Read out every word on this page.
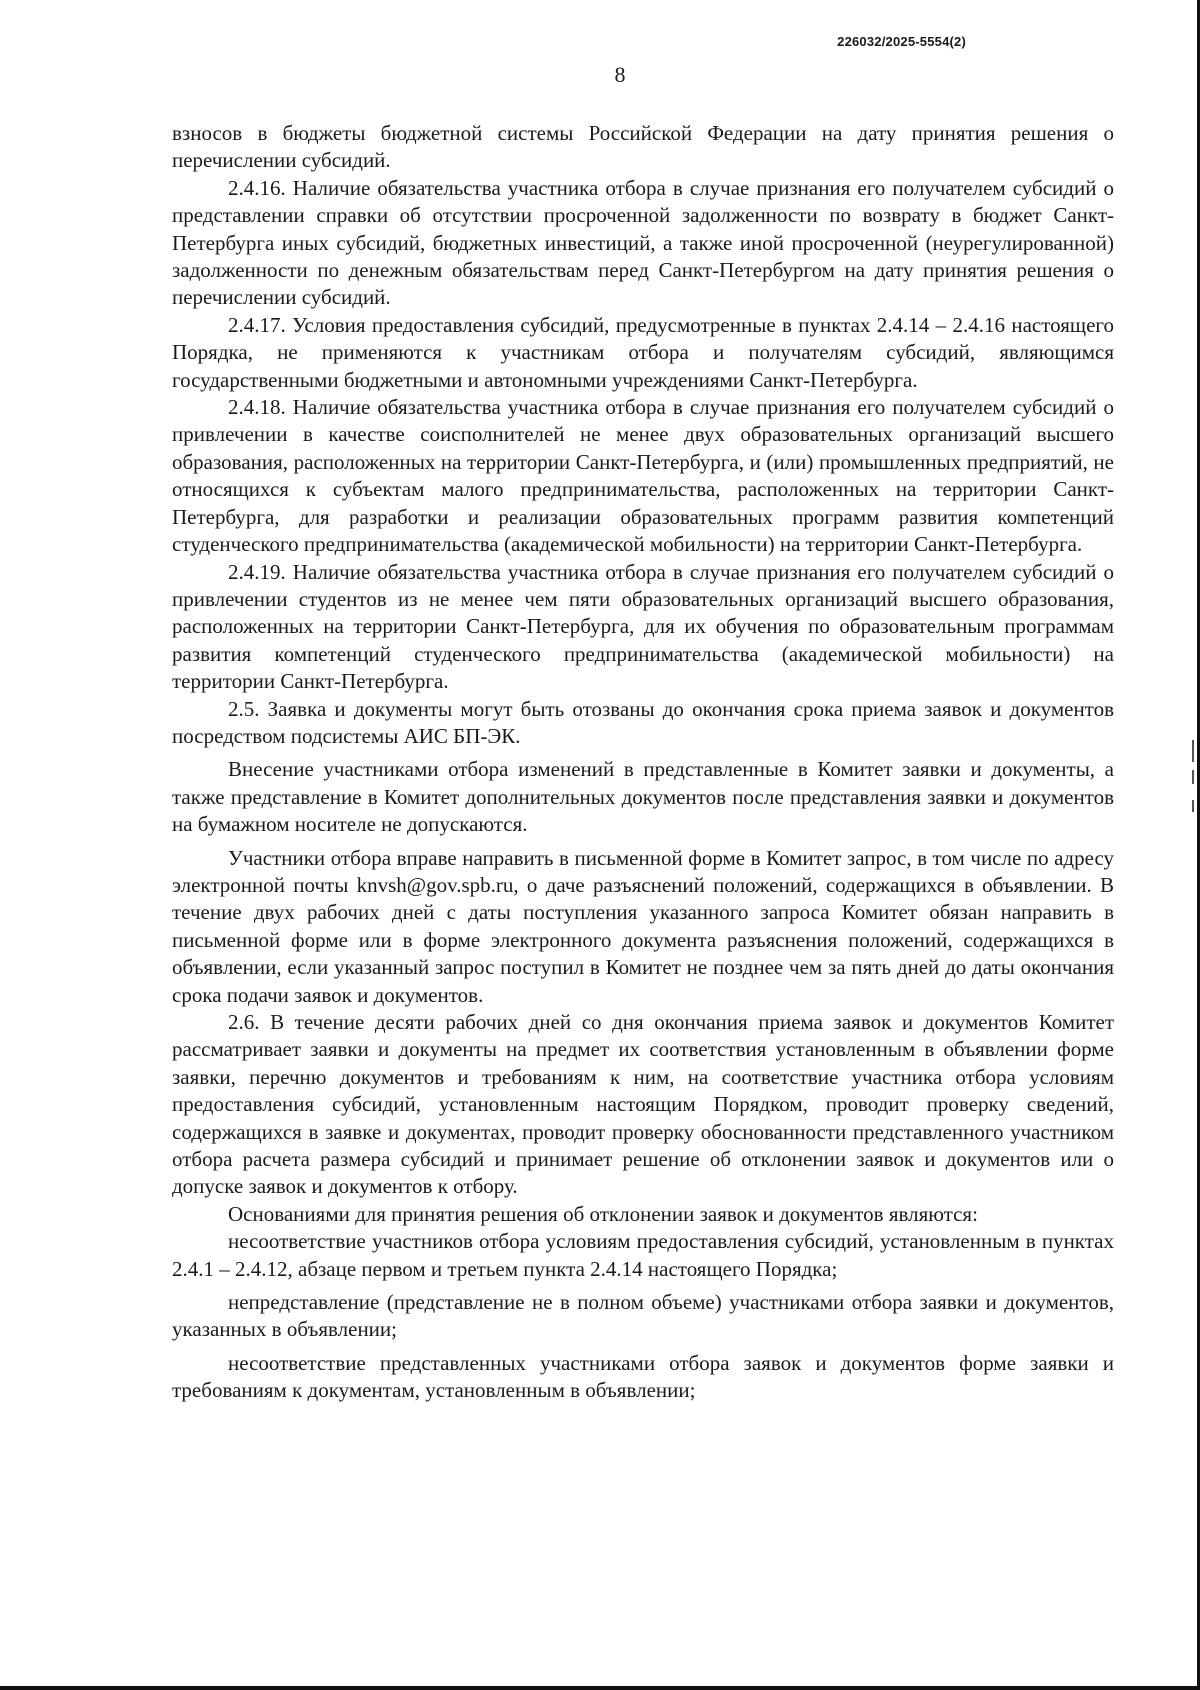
226032/2025-5554(2)
8

взносов в бюджеты бюджетной системы Российской Федерации на дату принятия решения о перечислении субсидий.

2.4.16. Наличие обязательства участника отбора в случае признания его получателем субсидий о представлении справки об отсутствии просроченной задолженности по возврату в бюджет Санкт-Петербурга иных субсидий, бюджетных инвестиций, а также иной просроченной (неурегулированной) задолженности по денежным обязательствам перед Санкт-Петербургом на дату принятия решения о перечислении субсидий.

2.4.17. Условия предоставления субсидий, предусмотренные в пунктах 2.4.14 – 2.4.16 настоящего Порядка, не применяются к участникам отбора и получателям субсидий, являющимся государственными бюджетными и автономными учреждениями Санкт-Петербурга.

2.4.18. Наличие обязательства участника отбора в случае признания его получателем субсидий о привлечении в качестве соисполнителей не менее двух образовательных организаций высшего образования, расположенных на территории Санкт-Петербурга, и (или) промышленных предприятий, не относящихся к субъектам малого предпринимательства, расположенных на территории Санкт-Петербурга, для разработки и реализации образовательных программ развития компетенций студенческого предпринимательства (академической мобильности) на территории Санкт-Петербурга.

2.4.19. Наличие обязательства участника отбора в случае признания его получателем субсидий о привлечении студентов из не менее чем пяти образовательных организаций высшего образования, расположенных на территории Санкт-Петербурга, для их обучения по образовательным программам развития компетенций студенческого предпринимательства (академической мобильности) на территории Санкт-Петербурга.

2.5. Заявка и документы могут быть отозваны до окончания срока приема заявок и документов посредством подсистемы АИС БП-ЭК.

Внесение участниками отбора изменений в представленные в Комитет заявки и документы, а также представление в Комитет дополнительных документов после представления заявки и документов на бумажном носителе не допускаются.

Участники отбора вправе направить в письменной форме в Комитет запрос, в том числе по адресу электронной почты knvsh@gov.spb.ru, о даче разъяснений положений, содержащихся в объявлении. В течение двух рабочих дней с даты поступления указанного запроса Комитет обязан направить в письменной форме или в форме электронного документа разъяснения положений, содержащихся в объявлении, если указанный запрос поступил в Комитет не позднее чем за пять дней до даты окончания срока подачи заявок и документов.

2.6. В течение десяти рабочих дней со дня окончания приема заявок и документов Комитет рассматривает заявки и документы на предмет их соответствия установленным в объявлении форме заявки, перечню документов и требованиям к ним, на соответствие участника отбора условиям предоставления субсидий, установленным настоящим Порядком, проводит проверку сведений, содержащихся в заявке и документах, проводит проверку обоснованности представленного участником отбора расчета размера субсидий и принимает решение об отклонении заявок и документов или о допуске заявок и документов к отбору.

Основаниями для принятия решения об отклонении заявок и документов являются:

несоответствие участников отбора условиям предоставления субсидий, установленным в пунктах 2.4.1 – 2.4.12, абзаце первом и третьем пункта 2.4.14 настоящего Порядка;

непредставление (представление не в полном объеме) участниками отбора заявки и документов, указанных в объявлении;

несоответствие представленных участниками отбора заявок и документов форме заявки и требованиям к документам, установленным в объявлении;
